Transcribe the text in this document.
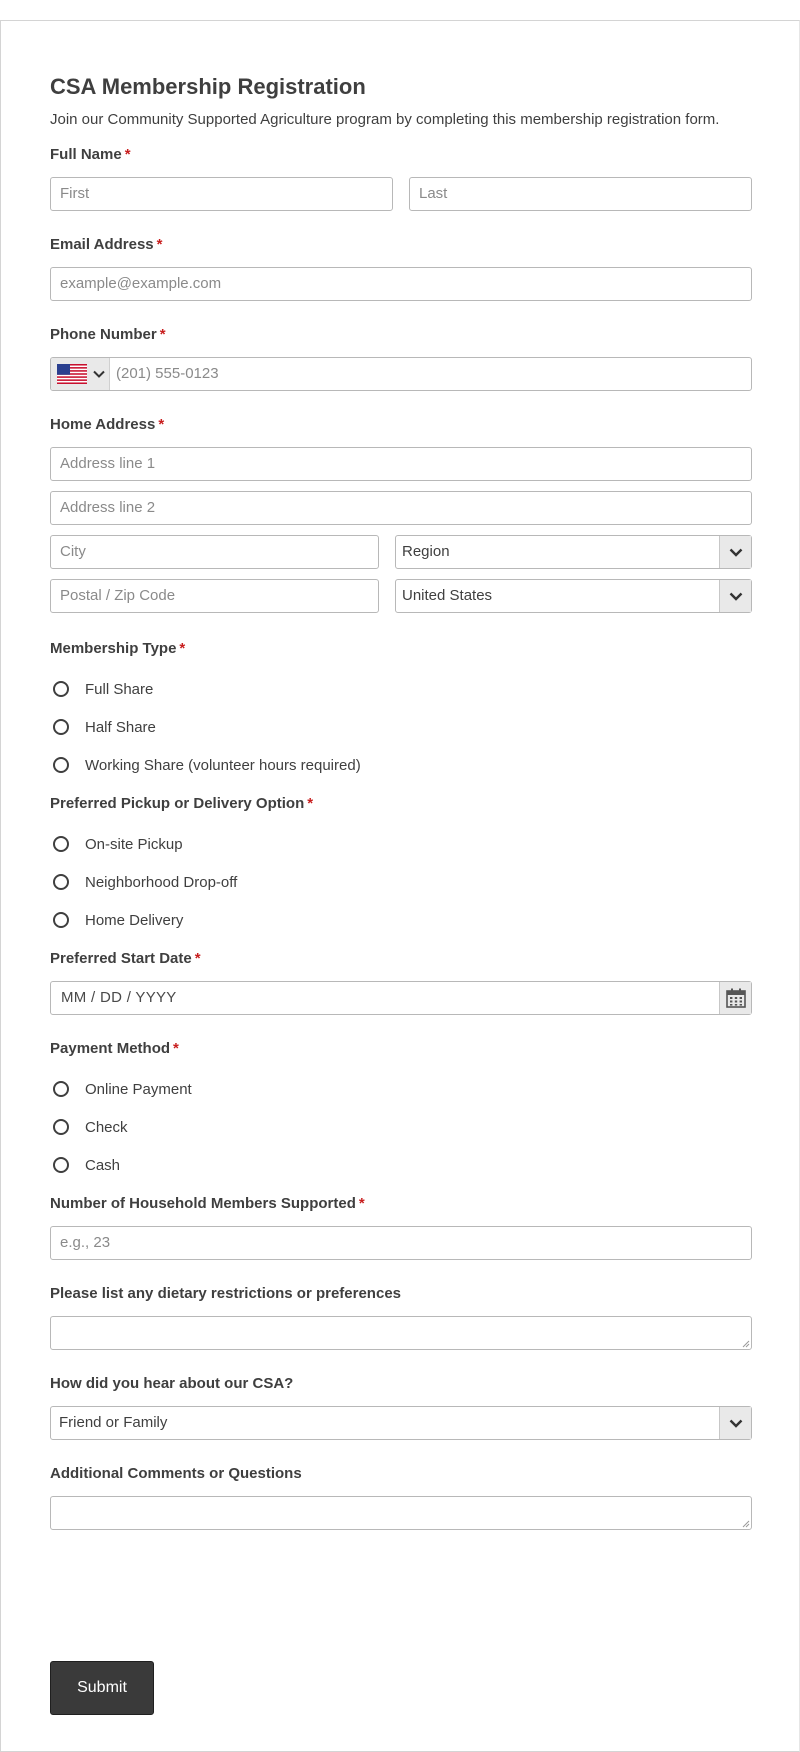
CSA Membership Registration
Join our Community Supported Agriculture program by completing this membership registration form.
Full Name *
First	Last
Email Address *
example@example.com
Phone Number *
(201) 555-0123
Home Address *
Address line 1
Address line 2
City	Region
Postal / Zip Code	United States
Membership Type *
Full Share
Half Share
Working Share (volunteer hours required)
Preferred Pickup or Delivery Option *
On-site Pickup
Neighborhood Drop-off
Home Delivery
Preferred Start Date *
MM / DD / YYYY
Payment Method *
Online Payment
Check
Cash
Number of Household Members Supported *
e.g., 23
Please list any dietary restrictions or preferences
How did you hear about our CSA?
Friend or Family
Additional Comments or Questions
Submit
